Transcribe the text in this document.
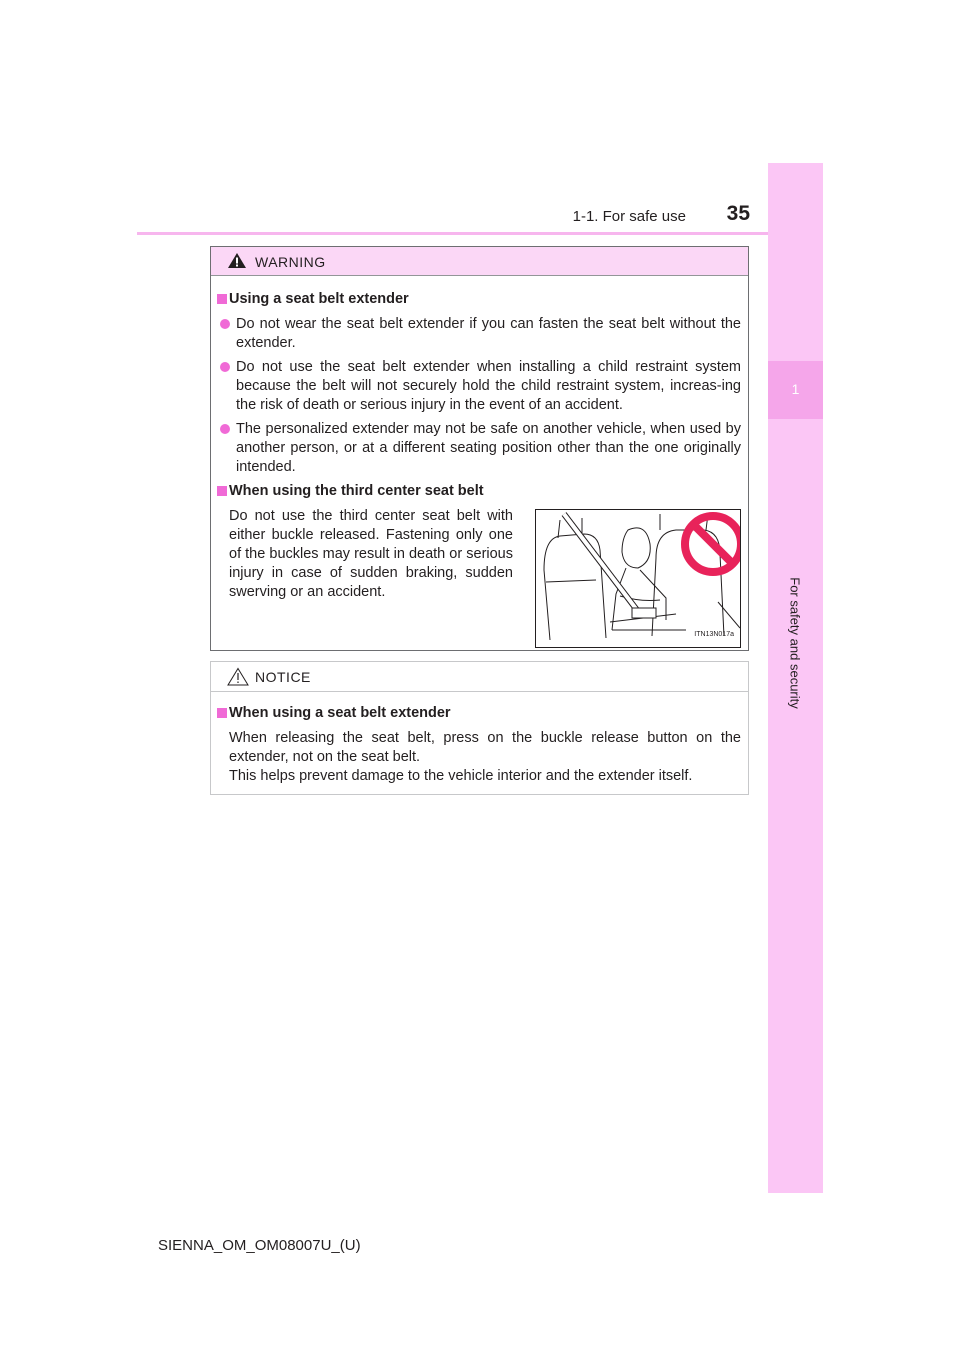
1-1. For safe use	35
1
For safety and security
WARNING
Using a seat belt extender
Do not wear the seat belt extender if you can fasten the seat belt without the extender.
Do not use the seat belt extender when installing a child restraint system because the belt will not securely hold the child restraint system, increas-ing the risk of death or serious injury in the event of an accident.
The personalized extender may not be safe on another vehicle, when used by another person, or at a different seating position other than the one originally intended.
When using the third center seat belt
Do not use the third center seat belt with either buckle released. Fastening only one of the buckles may result in death or serious injury in case of sudden braking, sudden swerving or an accident.
ITN13N017a
NOTICE
When using a seat belt extender
When releasing the seat belt, press on the buckle release button on the extender, not on the seat belt.
This helps prevent damage to the vehicle interior and the extender itself.
SIENNA_OM_OM08007U_(U)
